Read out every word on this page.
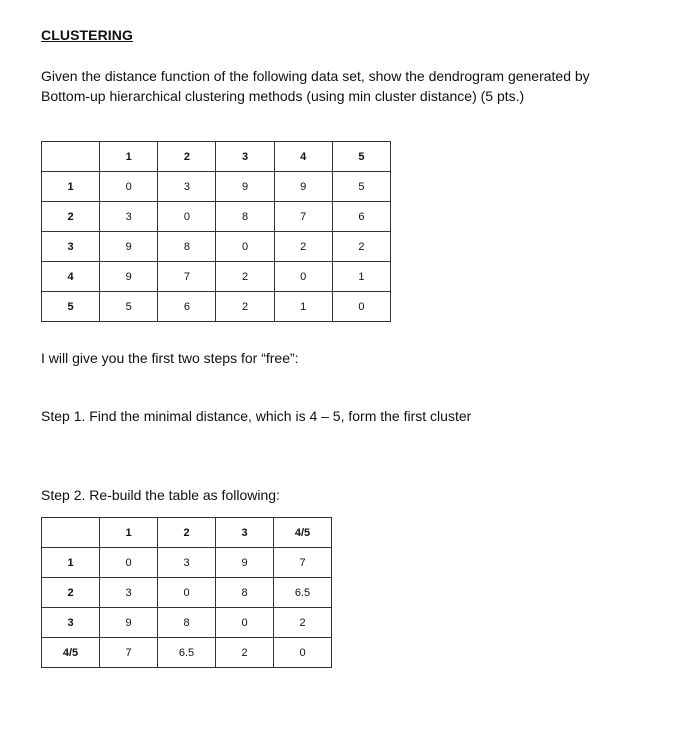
CLUSTERING
Given the distance function of the following data set, show the dendrogram generated by
Bottom-up hierarchical clustering methods (using min cluster distance) (5 pts.)
	1	2	3	4	5
1	0	3	9	9	5
2	3	0	8	7	6
3	9	8	0	2	2
4	9	7	2	0	1
5	5	6	2	1	0
I will give you the first two steps for “free”:
Step 1. Find the minimal distance, which is 4 – 5, form the first cluster
Step 2. Re-build the table as following:
	1	2	3	4/5
1	0	3	9	7
2	3	0	8	6.5
3	9	8	0	2
4/5	7	6.5	2	0
